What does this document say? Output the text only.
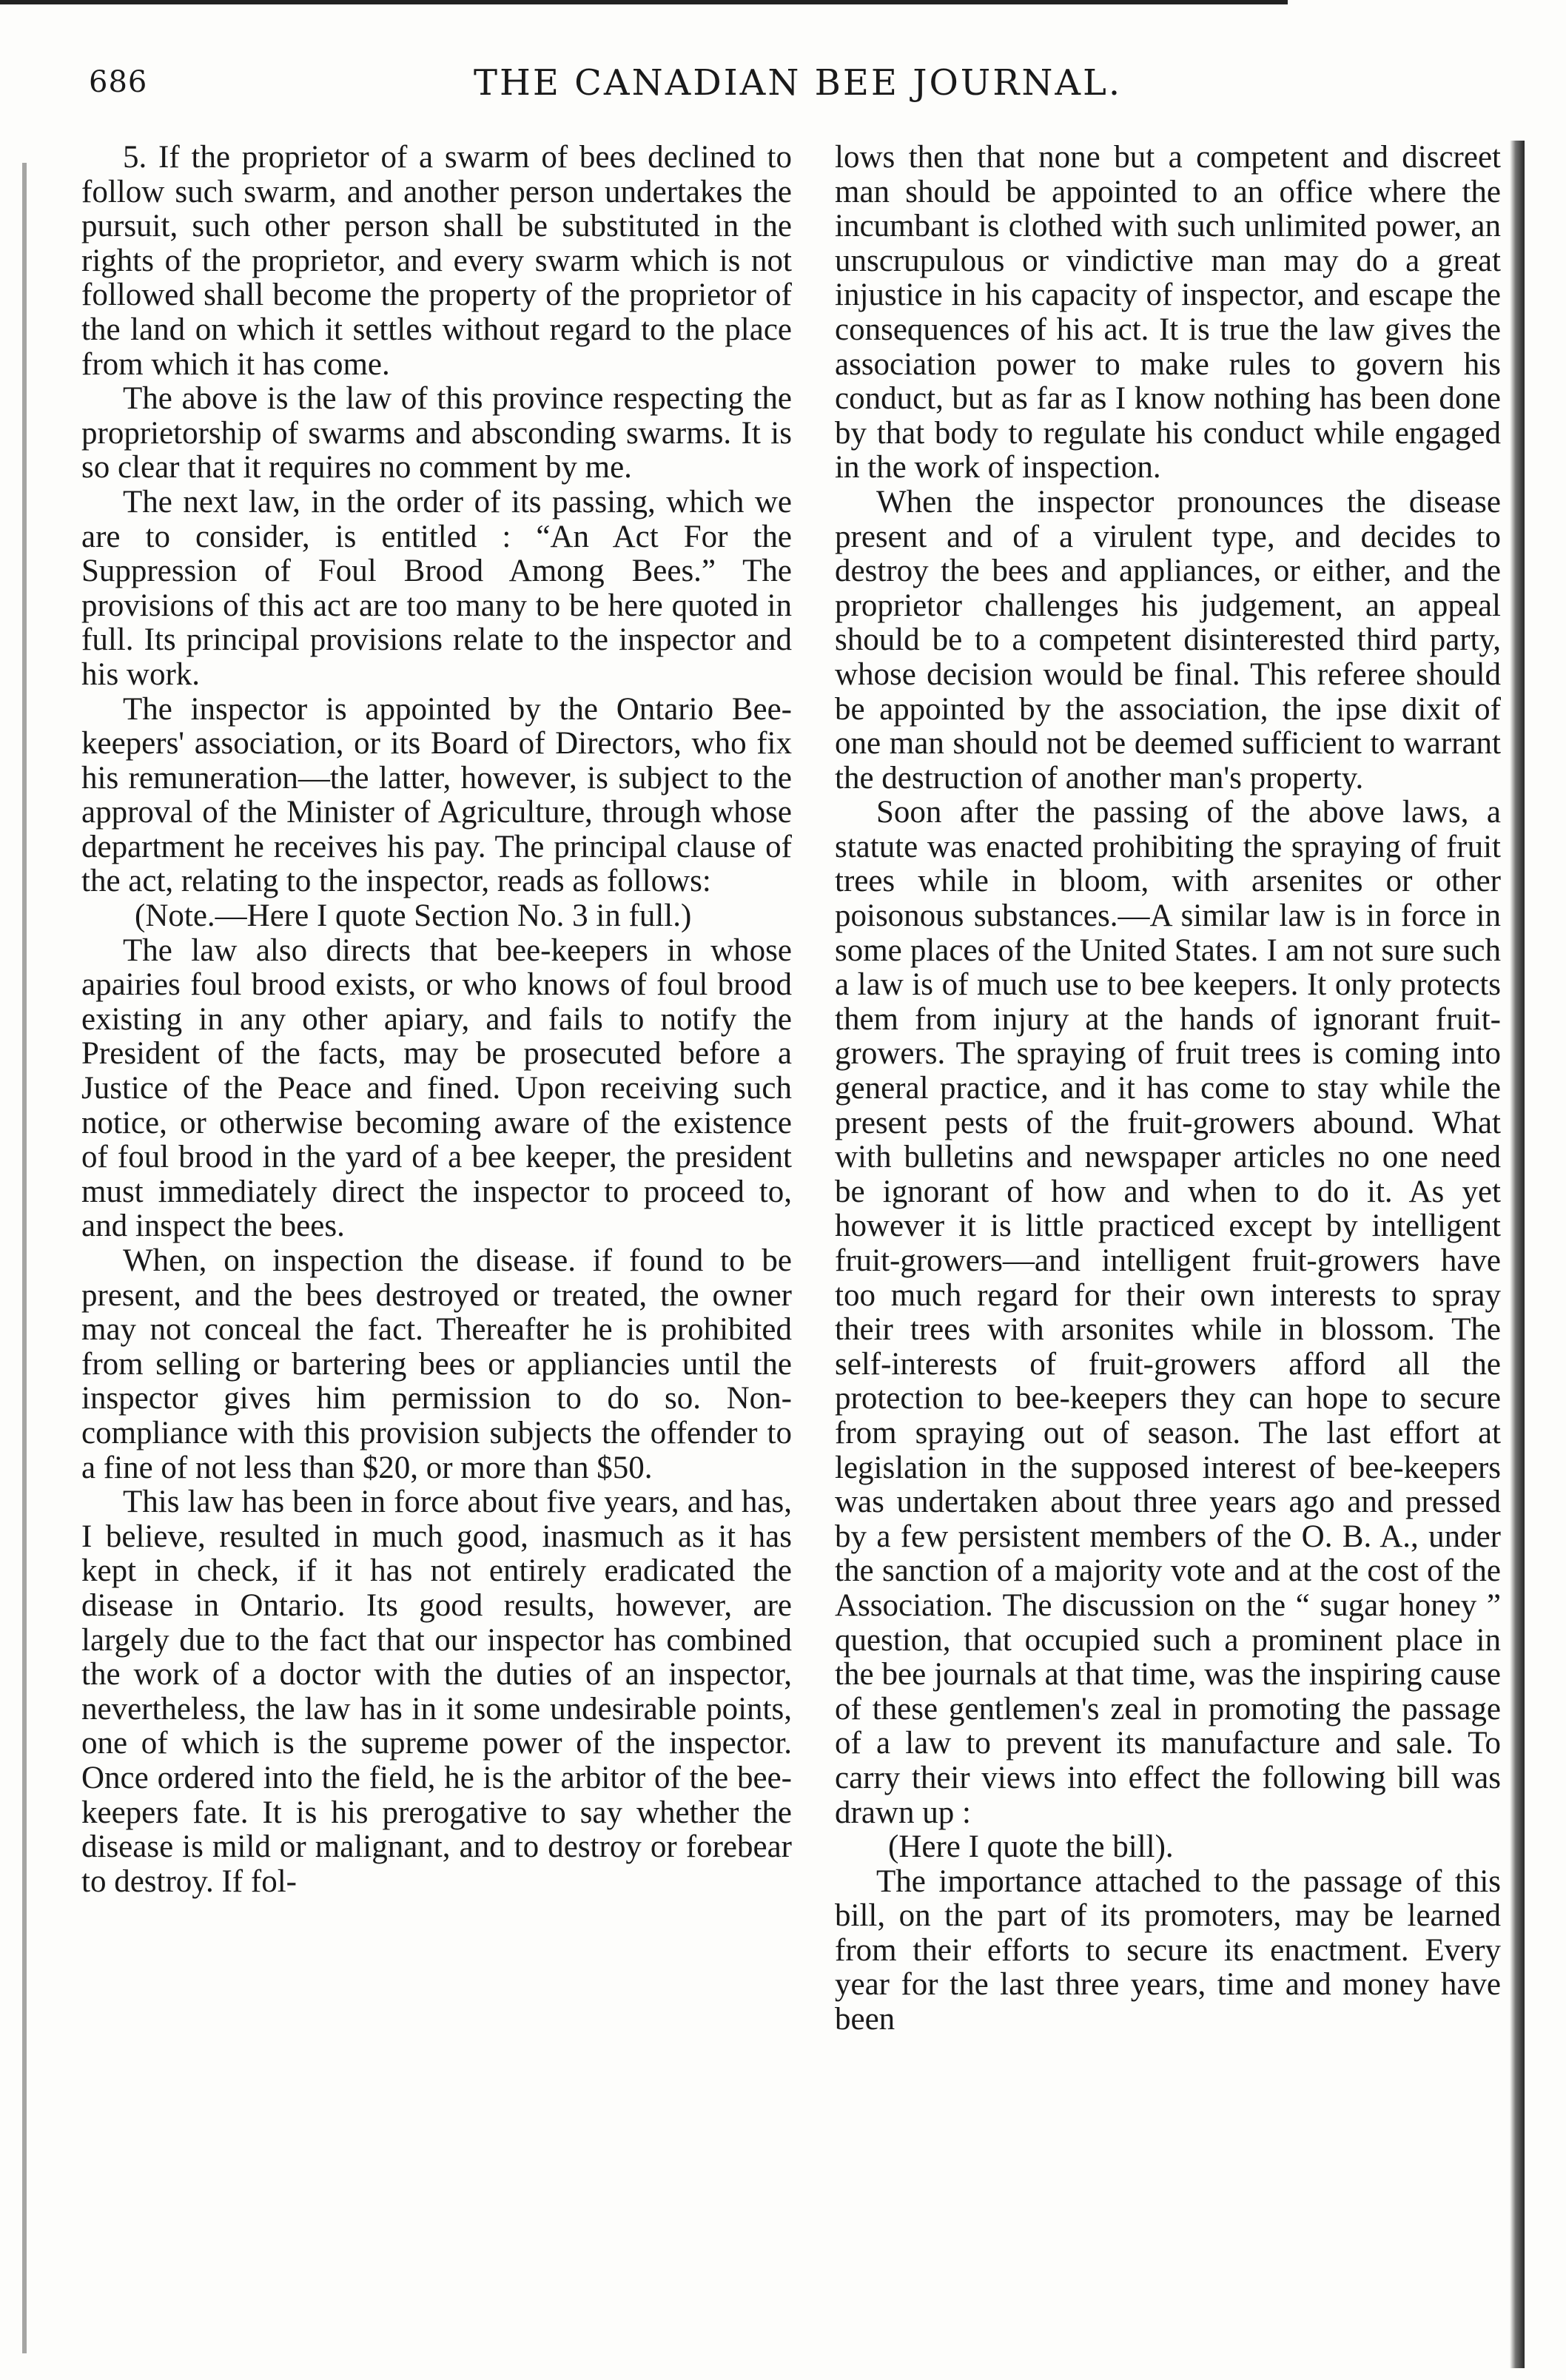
686	THE CANADIAN BEE JOURNAL.

5. If the proprietor of a swarm of bees declined to follow such swarm, and another person undertakes the pursuit, such other person shall be substituted in the rights of the proprietor, and every swarm which is not followed shall become the property of the proprietor of the land on which it settles without regard to the place from which it has come.

The above is the law of this province respecting the proprietorship of swarms and absconding swarms. It is so clear that it requires no comment by me.

The next law, in the order of its passing, which we are to consider, is entitled : “An Act For the Suppression of Foul Brood Among Bees.” The provisions of this act are too many to be here quoted in full. Its principal provisions relate to the inspector and his work.

The inspector is appointed by the Ontario Bee-keepers' association, or its Board of Directors, who fix his remuneration—the latter, however, is subject to the approval of the Minister of Agriculture, through whose department he receives his pay. The principal clause of the act, relating to the inspector, reads as follows:

(Note.—Here I quote Section No. 3 in full.)

The law also directs that bee-keepers in whose apairies foul brood exists, or who knows of foul brood existing in any other apiary, and fails to notify the President of the facts, may be prosecuted before a Justice of the Peace and fined. Upon receiving such notice, or otherwise becoming aware of the existence of foul brood in the yard of a bee keeper, the president must immediately direct the inspector to proceed to, and inspect the bees.

When, on inspection the disease. if found to be present, and the bees destroyed or treated, the owner may not conceal the fact. Thereafter he is prohibited from selling or bartering bees or appliancies until the inspector gives him permission to do so. Non-compliance with this provision subjects the offender to a fine of not less than $20, or more than $50.

This law has been in force about five years, and has, I believe, resulted in much good, inasmuch as it has kept in check, if it has not entirely eradicated the disease in Ontario. Its good results, however, are largely due to the fact that our inspector has combined the work of a doctor with the duties of an inspector, nevertheless, the law has in it some undesirable points, one of which is the supreme power of the inspector. Once ordered into the field, he is the arbitor of the bee-keepers fate. It is his prerogative to say whether the disease is mild or malignant, and to destroy or forebear to destroy. If fol-

lows then that none but a competent and discreet man should be appointed to an office where the incumbant is clothed with such unlimited power, an unscrupulous or vindictive man may do a great injustice in his capacity of inspector, and escape the consequences of his act. It is true the law gives the association power to make rules to govern his conduct, but as far as I know nothing has been done by that body to regulate his conduct while engaged in the work of inspection.

When the inspector pronounces the disease present and of a virulent type, and decides to destroy the bees and appliances, or either, and the proprietor challenges his judgement, an appeal should be to a competent disinterested third party, whose decision would be final. This referee should be appointed by the association, the ipse dixit of one man should not be deemed sufficient to warrant the destruction of another man's property.

Soon after the passing of the above laws, a statute was enacted prohibiting the spraying of fruit trees while in bloom, with arsenites or other poisonous substances.—A similar law is in force in some places of the United States. I am not sure such a law is of much use to bee keepers. It only protects them from injury at the hands of ignorant fruit-growers. The spraying of fruit trees is coming into general practice, and it has come to stay while the present pests of the fruit-growers abound. What with bulletins and newspaper articles no one need be ignorant of how and when to do it. As yet however it is little practiced except by intelligent fruit-growers—and intelligent fruit-growers have too much regard for their own interests to spray their trees with arsonites while in blossom. The self-interests of fruit-growers afford all the protection to bee-keepers they can hope to secure from spraying out of season. The last effort at legislation in the supposed interest of bee-keepers was undertaken about three years ago and pressed by a few persistent members of the O. B. A., under the sanction of a majority vote and at the cost of the Association. The discussion on the “ sugar honey ” question, that occupied such a prominent place in the bee journals at that time, was the inspiring cause of these gentlemen's zeal in promoting the passage of a law to prevent its manufacture and sale. To carry their views into effect the following bill was drawn up :

(Here I quote the bill).

The importance attached to the passage of this bill, on the part of its promoters, may be learned from their efforts to secure its enactment. Every year for the last three years, time and money have been
